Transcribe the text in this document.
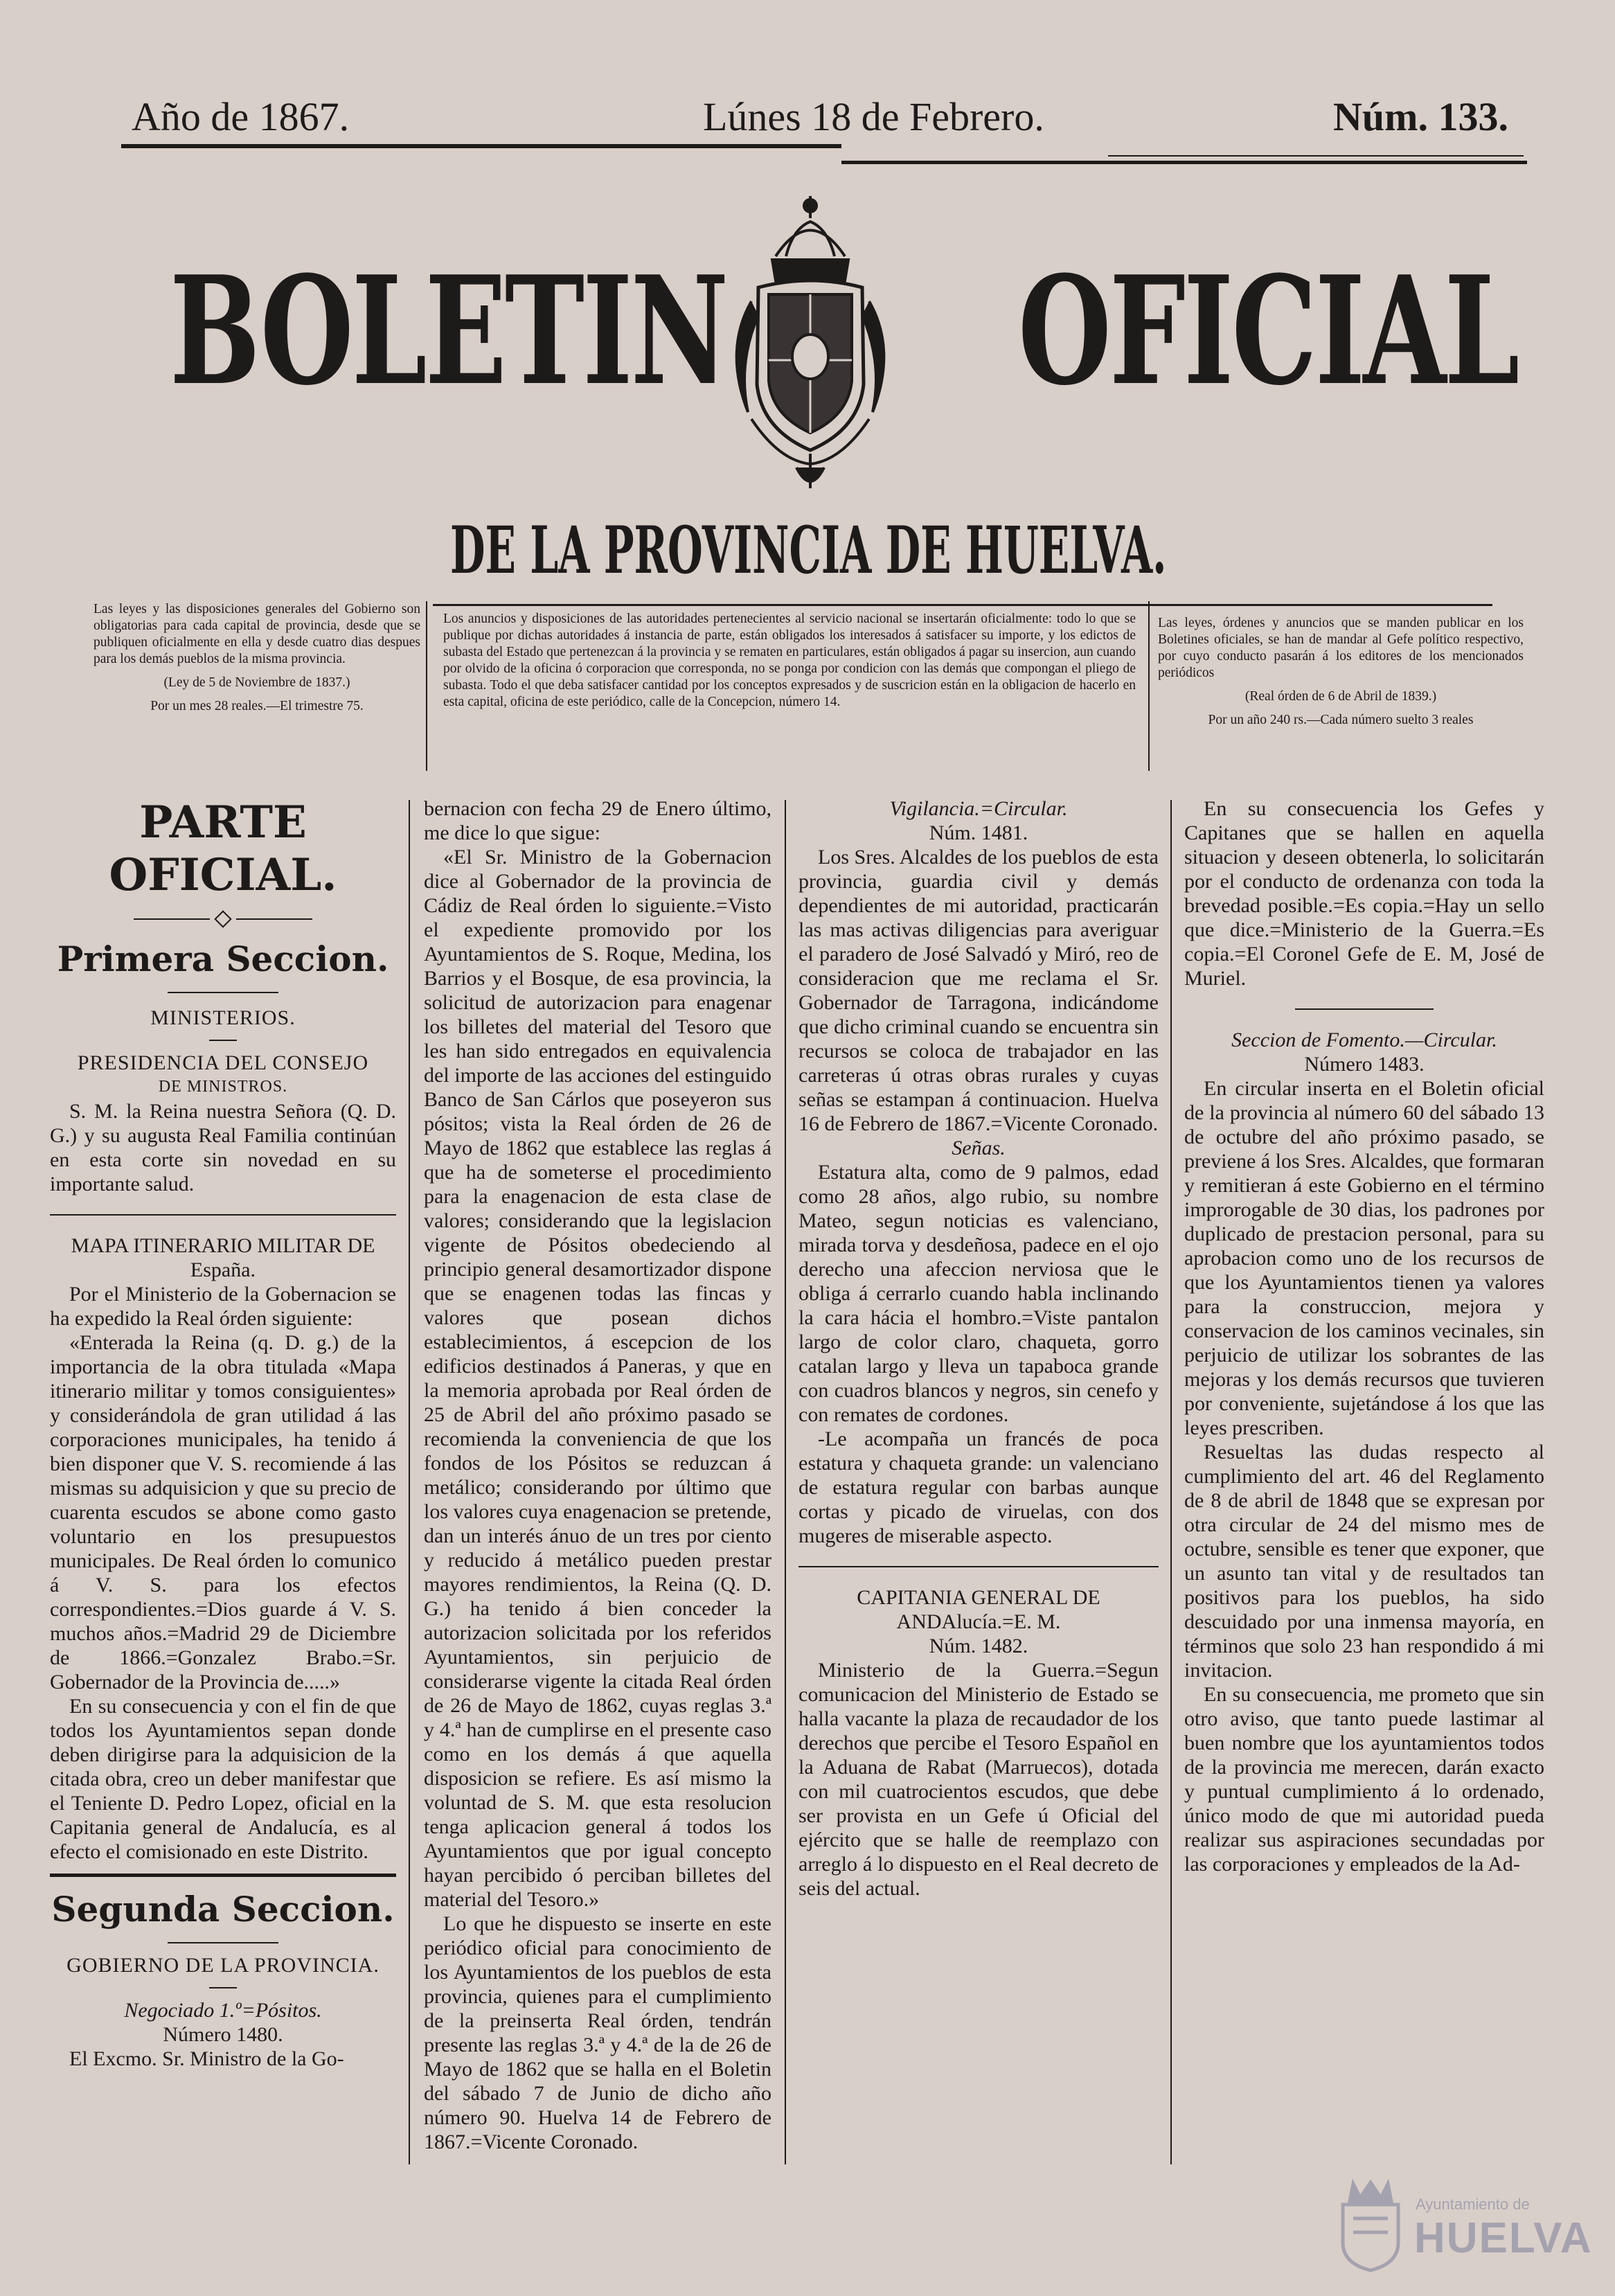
Año de 1867.	Lúnes 18 de Febrero.	Núm. 133.
BOLETIN OFICIAL
DE LA PROVINCIA DE HUELVA.

Las leyes y las disposiciones generales del Gobierno son obligatorias para cada capital de provincia, desde que se publiquen oficialmente en ella y desde cuatro dias despues para los demás pueblos de la misma provincia.

(Ley de 5 de Noviembre de 1837.)

Por un mes 28 reales.—El trimestre 75.

Los anuncios y disposiciones de las autoridades pertenecientes al servicio nacional se insertarán oficialmente: todo lo que se publique por dichas autoridades á instancia de parte, están obligados los interesados á satisfacer su importe, y los edictos de subasta del Estado que pertenezcan á la provincia y se rematen en particulares, están obligados á pagar su insercion, aun cuando por olvido de la oficina ó corporacion que corresponda, no se ponga por condicion con las demás que compongan el pliego de subasta. Todo el que deba satisfacer cantidad por los conceptos expresados y de suscricion están en la obligacion de hacerlo en esta capital, oficina de este periódico, calle de la Concepcion, número 14.

Las leyes, órdenes y anuncios que se manden publicar en los Boletines oficiales, se han de mandar al Gefe político respectivo, por cuyo conducto pasarán á los editores de los mencionados periódicos

(Real órden de 6 de Abril de 1839.)

Por un año 240 rs.—Cada número suelto 3 reales

PARTE OFICIAL.

Primera Seccion.

MINISTERIOS.

PRESIDENCIA DEL CONSEJO

DE MINISTROS.

S. M. la Reina nuestra Señora (Q. D. G.) y su augusta Real Familia continúan en esta corte sin novedad en su importante salud.

MAPA ITINERARIO MILITAR DE España.

Por el Ministerio de la Gobernacion se ha expedido la Real órden siguiente:

«Enterada la Reina (q. D. g.) de la importancia de la obra titulada «Mapa itinerario militar y tomos consiguientes» y considerándola de gran utilidad á las corporaciones municipales, ha tenido á bien disponer que V. S. recomiende á las mismas su adquisicion y que su precio de cuarenta escudos se abone como gasto voluntario en los presupuestos municipales. De Real órden lo comunico á V. S. para los efectos correspondientes.=Dios guarde á V. S. muchos años.=Madrid 29 de Diciembre de 1866.=Gonzalez Brabo.=Sr. Gobernador de la Provincia de.....»

En su consecuencia y con el fin de que todos los Ayuntamientos sepan donde deben dirigirse para la adquisicion de la citada obra, creo un deber manifestar que el Teniente D. Pedro Lopez, oficial en la Capitania general de Andalucía, es al efecto el comisionado en este Distrito.

Segunda Seccion.

GOBIERNO DE LA PROVINCIA.

Negociado 1.º=Pósitos.

Número 1480.

El Excmo. Sr. Ministro de la Go-

bernacion con fecha 29 de Enero último, me dice lo que sigue:

«El Sr. Ministro de la Gobernacion dice al Gobernador de la provincia de Cádiz de Real órden lo siguiente.=Visto el expediente promovido por los Ayuntamientos de S. Roque, Medina, los Barrios y el Bosque, de esa provincia, la solicitud de autorizacion para enagenar los billetes del material del Tesoro que les han sido entregados en equivalencia del importe de las acciones del estinguido Banco de San Cárlos que poseyeron sus pósitos; vista la Real órden de 26 de Mayo de 1862 que establece las reglas á que ha de someterse el procedimiento para la enagenacion de esta clase de valores; considerando que la legislacion vigente de Pósitos obedeciendo al principio general desamortizador dispone que se enagenen todas las fincas y valores que posean dichos establecimientos, á escepcion de los edificios destinados á Paneras, y que en la memoria aprobada por Real órden de 25 de Abril del año próximo pasado se recomienda la conveniencia de que los fondos de los Pósitos se reduzcan á metálico; considerando por último que los valores cuya enagenacion se pretende, dan un interés ánuo de un tres por ciento y reducido á metálico pueden prestar mayores rendimientos, la Reina (Q. D. G.) ha tenido á bien conceder la autorizacion solicitada por los referidos Ayuntamientos, sin perjuicio de considerarse vigente la citada Real órden de 26 de Mayo de 1862, cuyas reglas 3.ª y 4.ª han de cumplirse en el presente caso como en los demás á que aquella disposicion se refiere. Es así mismo la voluntad de S. M. que esta resolucion tenga aplicacion general á todos los Ayuntamientos que por igual concepto hayan percibido ó perciban billetes del material del Tesoro.»

Lo que he dispuesto se inserte en este periódico oficial para conocimiento de los Ayuntamientos de los pueblos de esta provincia, quienes para el cumplimiento de la preinserta Real órden, tendrán presente las reglas 3.ª y 4.ª de la de 26 de Mayo de 1862 que se halla en el Boletin del sábado 7 de Junio de dicho año número 90. Huelva 14 de Febrero de 1867.=Vicente Coronado.

Vigilancia.=Circular.

Núm. 1481.

Los Sres. Alcaldes de los pueblos de esta provincia, guardia civil y demás dependientes de mi autoridad, practicarán las mas activas diligencias para averiguar el paradero de José Salvadó y Miró, reo de consideracion que me reclama el Sr. Gobernador de Tarragona, indicándome que dicho criminal cuando se encuentra sin recursos se coloca de trabajador en las carreteras ú otras obras rurales y cuyas señas se estampan á continuacion. Huelva 16 de Febrero de 1867.=Vicente Coronado.

Señas.

Estatura alta, como de 9 palmos, edad como 28 años, algo rubio, su nombre Mateo, segun noticias es valenciano, mirada torva y desdeñosa, padece en el ojo derecho una afeccion nerviosa que le obliga á cerrarlo cuando habla inclinando la cara hácia el hombro.=Viste pantalon largo de color claro, chaqueta, gorro catalan largo y lleva un tapaboca grande con cuadros blancos y negros, sin cenefo y con remates de cordones.

-Le acompaña un francés de poca estatura y chaqueta grande: un valenciano de estatura regular con barbas aunque cortas y picado de viruelas, con dos mugeres de miserable aspecto.

CAPITANIA GENERAL DE ANDAlucía.=E. M.

Núm. 1482.

Ministerio de la Guerra.=Segun comunicacion del Ministerio de Estado se halla vacante la plaza de recaudador de los derechos que percibe el Tesoro Español en la Aduana de Rabat (Marruecos), dotada con mil cuatrocientos escudos, que debe ser provista en un Gefe ú Oficial del ejército que se halle de reemplazo con arreglo á lo dispuesto en el Real decreto de seis del actual.

En su consecuencia los Gefes y Capitanes que se hallen en aquella situacion y deseen obtenerla, lo solicitarán por el conducto de ordenanza con toda la brevedad posible.=Es copia.=Hay un sello que dice.=Ministerio de la Guerra.=Es copia.=El Coronel Gefe de E. M, José de Muriel.

Seccion de Fomento.—Circular.

Número 1483.

En circular inserta en el Boletin oficial de la provincia al número 60 del sábado 13 de octubre del año próximo pasado, se previene á los Sres. Alcaldes, que formaran y remitieran á este Gobierno en el término improrogable de 30 dias, los padrones por duplicado de prestacion personal, para su aprobacion como uno de los recursos de que los Ayuntamientos tienen ya valores para la construccion, mejora y conservacion de los caminos vecinales, sin perjuicio de utilizar los sobrantes de las mejoras y los demás recursos que tuvieren por conveniente, sujetándose á los que las leyes prescriben.

Resueltas las dudas respecto al cumplimiento del art. 46 del Reglamento de 8 de abril de 1848 que se expresan por otra circular de 24 del mismo mes de octubre, sensible es tener que exponer, que un asunto tan vital y de resultados tan positivos para los pueblos, ha sido descuidado por una inmensa mayoría, en términos que solo 23 han respondido á mi invitacion.

En su consecuencia, me prometo que sin otro aviso, que tanto puede lastimar al buen nombre que los ayuntamientos todos de la provincia me merecen, darán exacto y puntual cumplimiento á lo ordenado, único modo de que mi autoridad pueda realizar sus aspiraciones secundadas por las corporaciones y empleados de la Ad-

Ayuntamiento de
HUELVA
